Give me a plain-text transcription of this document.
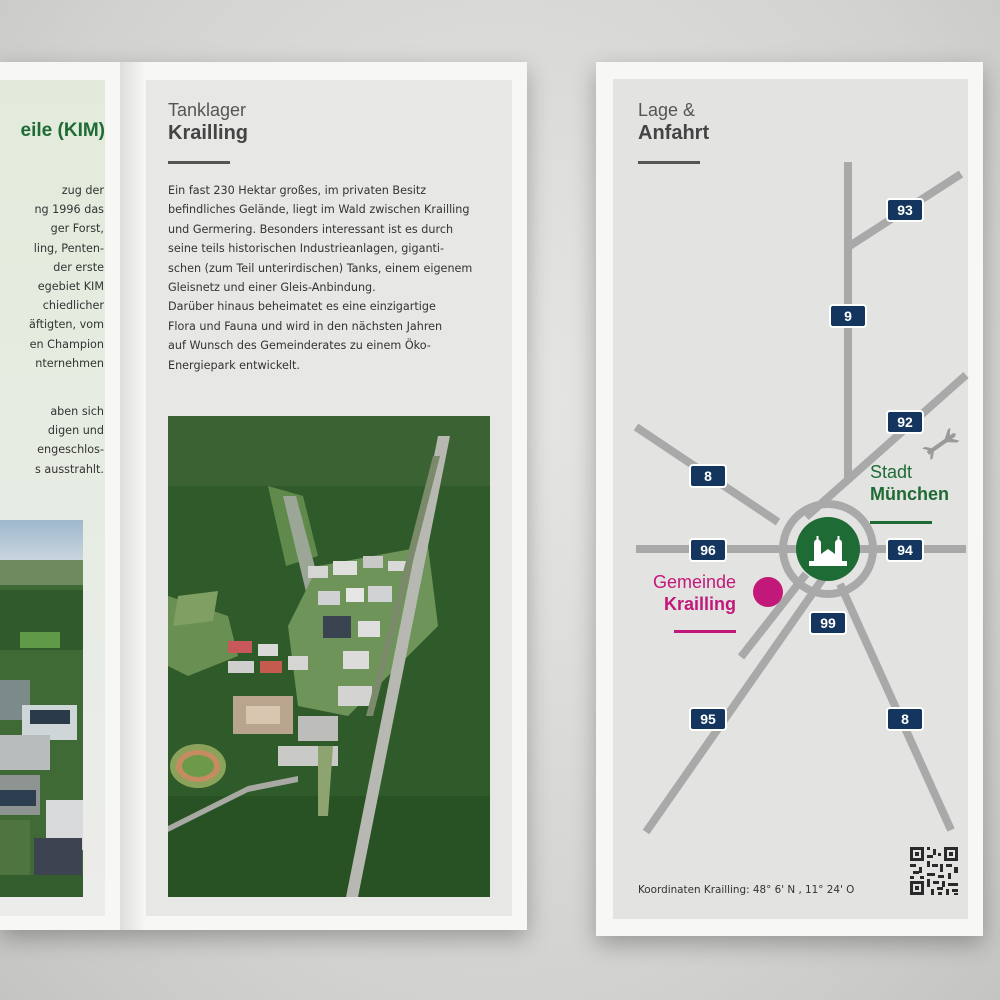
eile (KIM)
zug der
ng 1996 das
ger Forst,
ling, Penten-
der erste
egebiet KIM
chiedlicher
äftigten, vom
en Champion
nternehmen
aben sich
digen und
engeschlos-
s ausstrahlt.
Tanklager
Krailling
Ein fast 230 Hektar großes, im privaten Besitz
befindliches Gelände, liegt im Wald zwischen Krailling
und Germering. Besonders interessant ist es durch
seine teils historischen Industrieanlagen, giganti-
schen (zum Teil unterirdischen) Tanks, einem eigenem
Gleisnetz und einer Gleis-Anbindung.
Darüber hinaus beheimatet es eine einzigartige
Flora und Fauna und wird in den nächsten Jahren
auf Wunsch des Gemeinderates zu einem Öko-
Energiepark entwickelt.
Lage &
Anfahrt
93
9
92
8
96	94
99
95	8
Stadt
München
Gemeinde
Krailling
Koordinaten Krailling: 48° 6' N , 11° 24' O
